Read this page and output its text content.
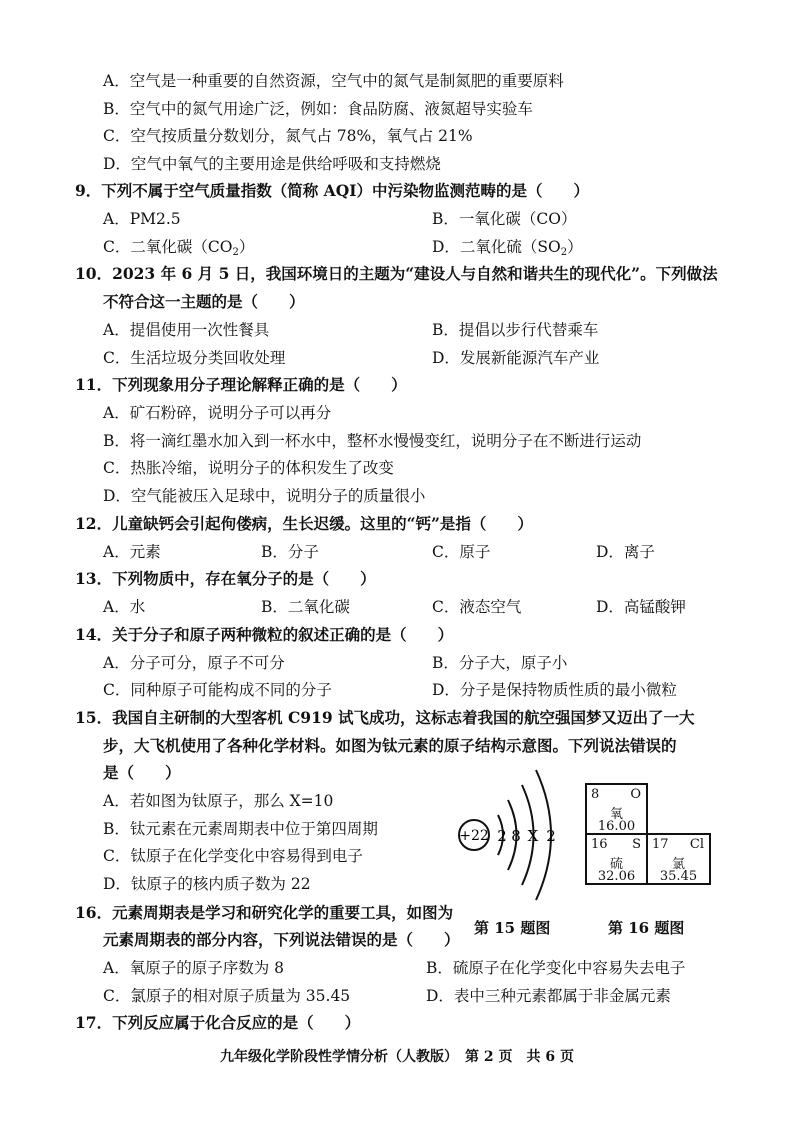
A．空气是一种重要的自然资源，空气中的氮气是制氮肥的重要原料
B．空气中的氮气用途广泛，例如：食品防腐、液氮超导实验车
C．空气按质量分数划分，氮气占 78%，氧气占 21%
D．空气中氧气的主要用途是供给呼吸和支持燃烧
9．下列不属于空气质量指数（简称 AQI）中污染物监测范畴的是（　　）
A．PM2.5	B．一氧化碳（CO）
C．二氧化碳$(CO_2)$	D．二氧化硫$(SO_2)$
10．2023 年 6 月 5 日，我国环境日的主题为“建设人与自然和谐共生的现代化”。下列做法
不符合这一主题的是（　　）
A．提倡使用一次性餐具	B．提倡以步行代替乘车
C．生活垃圾分类回收处理	D．发展新能源汽车产业
11．下列现象用分子理论解释正确的是（　　）
A．矿石粉碎，说明分子可以再分
B．将一滴红墨水加入到一杯水中，整杯水慢慢变红，说明分子在不断进行运动
C．热胀冷缩，说明分子的体积发生了改变
D．空气能被压入足球中，说明分子的质量很小
12．儿童缺钙会引起佝偻病，生长迟缓。这里的“钙”是指（　　）
A．元素	B．分子	C．原子	D．离子
13．下列物质中，存在氧分子的是（　　）
A．水	B．二氧化碳	C．液态空气	D．高锰酸钾
14．关于分子和原子两种微粒的叙述正确的是（　　）
A．分子可分，原子不可分	B．分子大，原子小
C．同种原子可能构成不同的分子	D．分子是保持物质性质的最小微粒
15．我国自主研制的大型客机 C919 试飞成功，这标志着我国的航空强国梦又迈出了一大
步，大飞机使用了各种化学材料。如图为钛元素的原子结构示意图。下列说法错误的
是（　　）
A．若如图为钛原子，那么 X=10
B．钛元素在元素周期表中位于第四周期
C．钛原子在化学变化中容易得到电子
D．钛原子的核内质子数为 22
+22 2 8 X 2
8 O
氧
16.00
16 S
硫
32.06
17 Cl
氯
35.45
第 15 题图	第 16 题图
16．元素周期表是学习和研究化学的重要工具，如图为
元素周期表的部分内容，下列说法错误的是（　　）
A．氧原子的原子序数为 8	B．硫原子在化学变化中容易失去电子
C．氯原子的相对原子质量为 35.45	D．表中三种元素都属于非金属元素
17．下列反应属于化合反应的是（　　）
九年级化学阶段性学情分析（人教版）　第 2 页　共 6 页
